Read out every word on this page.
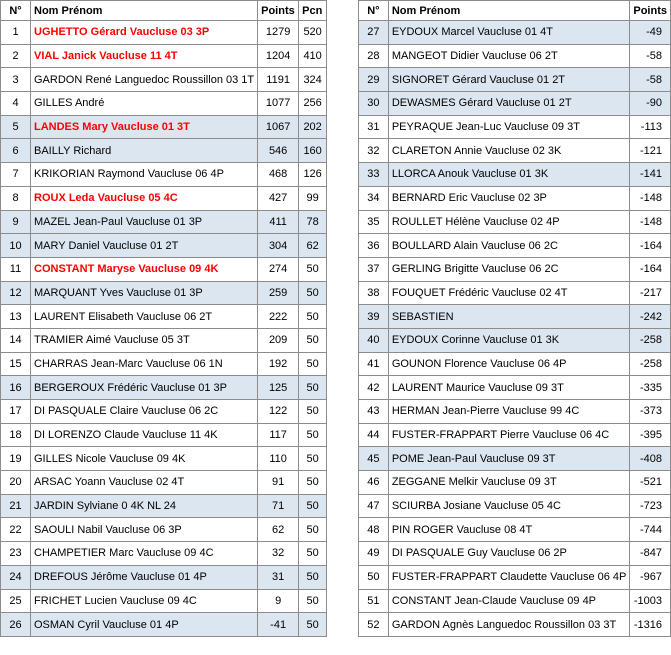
N°	Nom Prénom	Points	Pcn
1	UGHETTO Gérard Vaucluse 03 3P	1279	520
2	VIAL Janick Vaucluse 11 4T	1204	410
3	GARDON René Languedoc Roussillon 03 1T	1191	324
4	GILLES André	1077	256
5	LANDES Mary Vaucluse 01 3T	1067	202
6	BAILLY Richard	546	160
7	KRIKORIAN Raymond Vaucluse 06 4P	468	126
8	ROUX Leda Vaucluse 05 4C	427	99
9	MAZEL Jean-Paul Vaucluse 01 3P	411	78
10	MARY Daniel Vaucluse 01 2T	304	62
11	CONSTANT Maryse Vaucluse 09 4K	274	50
12	MARQUANT Yves Vaucluse 01 3P	259	50
13	LAURENT Elisabeth Vaucluse 06 2T	222	50
14	TRAMIER Aimé Vaucluse 05 3T	209	50
15	CHARRAS Jean-Marc Vaucluse 06 1N	192	50
16	BERGEROUX Frédéric Vaucluse 01 3P	125	50
17	DI PASQUALE Claire Vaucluse 06 2C	122	50
18	DI LORENZO Claude Vaucluse 11 4K	117	50
19	GILLES Nicole Vaucluse 09 4K	110	50
20	ARSAC Yoann Vaucluse 02 4T	91	50
21	JARDIN Sylviane 0 4K NL 24	71	50
22	SAOULI Nabil Vaucluse 06 3P	62	50
23	CHAMPETIER Marc Vaucluse 09 4C	32	50
24	DREFOUS Jérôme Vaucluse 01 4P	31	50
25	FRICHET Lucien Vaucluse 09 4C	9	50
26	OSMAN Cyril Vaucluse 01 4P	-41	50
N°	Nom Prénom	Points
27	EYDOUX Marcel Vaucluse 01 4T	-49
28	MANGEOT Didier Vaucluse 06 2T	-58
29	SIGNORET Gérard Vaucluse 01 2T	-58
30	DEWASMES Gérard Vaucluse 01 2T	-90
31	PEYRAQUE Jean-Luc Vaucluse 09 3T	-113
32	CLARETON Annie Vaucluse 02 3K	-121
33	LLORCA Anouk Vaucluse 01 3K	-141
34	BERNARD Eric Vaucluse 02 3P	-148
35	ROULLET Hélène Vaucluse 02 4P	-148
36	BOULLARD Alain Vaucluse 06 2C	-164
37	GERLING Brigitte Vaucluse 06 2C	-164
38	FOUQUET Frédéric Vaucluse 02 4T	-217
39	SEBASTIEN	-242
40	EYDOUX Corinne Vaucluse 01 3K	-258
41	GOUNON Florence Vaucluse 06 4P	-258
42	LAURENT Maurice Vaucluse 09 3T	-335
43	HERMAN Jean-Pierre Vaucluse 99 4C	-373
44	FUSTER-FRAPPART Pierre Vaucluse 06 4C	-395
45	POME Jean-Paul Vaucluse 09 3T	-408
46	ZEGGANE Melkir Vaucluse 09 3T	-521
47	SCIURBA Josiane Vaucluse 05 4C	-723
48	PIN ROGER Vaucluse 08 4T	-744
49	DI PASQUALE Guy Vaucluse 06 2P	-847
50	FUSTER-FRAPPART Claudette Vaucluse 06 4P	-967
51	CONSTANT Jean-Claude Vaucluse 09 4P	-1003
52	GARDON Agnès Languedoc Roussillon 03 3T	-1316
